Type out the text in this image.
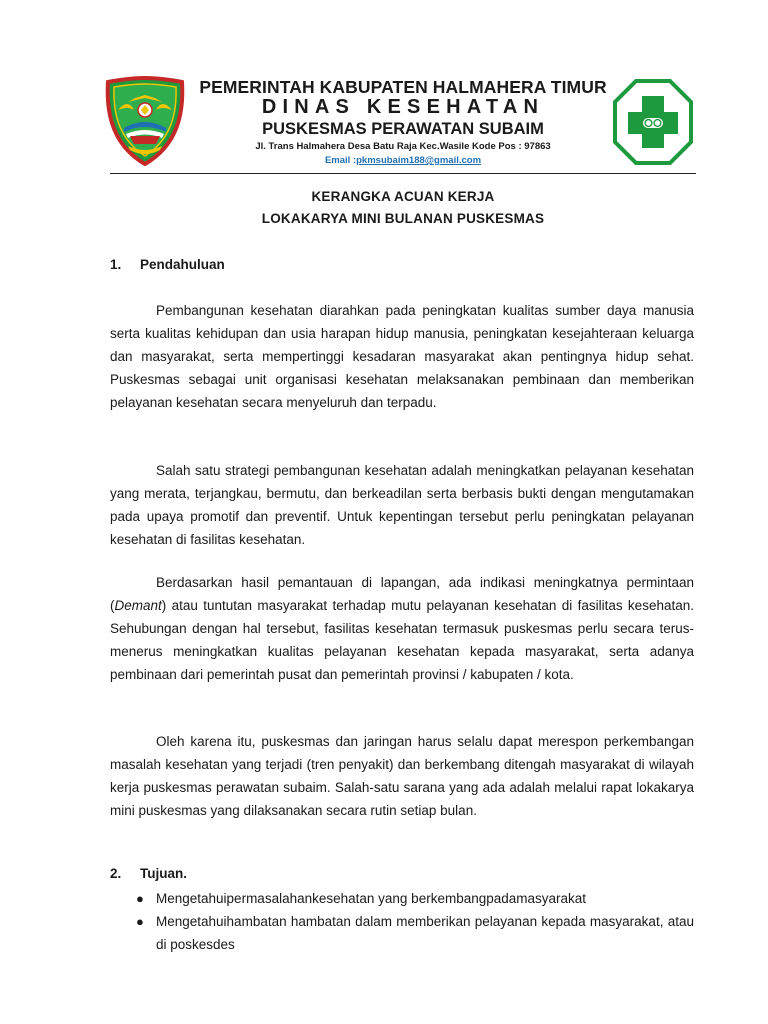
PEMERINTAH KABUPATEN HALMAHERA TIMUR
DINAS KESEHATAN
PUSKESMAS PERAWATAN SUBAIM
Jl. Trans Halmahera Desa Batu Raja Kec.Wasile Kode Pos : 97863
Email :pkmsubaim188@gmail.com
KERANGKA ACUAN KERJA
LOKAKARYA MINI BULANAN PUSKESMAS
1. Pendahuluan

Pembangunan kesehatan diarahkan pada peningkatan kualitas sumber daya manusia serta kualitas kehidupan dan usia harapan hidup manusia, peningkatan kesejahteraan keluarga dan masyarakat, serta mempertinggi kesadaran masyarakat akan pentingnya hidup sehat. Puskesmas sebagai unit organisasi kesehatan melaksanakan pembinaan dan memberikan pelayanan kesehatan secara menyeluruh dan terpadu.

Salah satu strategi pembangunan kesehatan adalah meningkatkan pelayanan kesehatan yang merata, terjangkau, bermutu, dan berkeadilan serta berbasis bukti dengan mengutamakan pada upaya promotif dan preventif. Untuk kepentingan tersebut perlu peningkatan pelayanan kesehatan di fasilitas kesehatan.

Berdasarkan hasil pemantauan di lapangan, ada indikasi meningkatnya permintaan (Demant) atau tuntutan masyarakat terhadap mutu pelayanan kesehatan di fasilitas kesehatan. Sehubungan dengan hal tersebut, fasilitas kesehatan termasuk puskesmas perlu secara terus-menerus meningkatkan kualitas pelayanan kesehatan kepada masyarakat, serta adanya pembinaan dari pemerintah pusat dan pemerintah provinsi / kabupaten / kota.

Oleh karena itu, puskesmas dan jaringan harus selalu dapat merespon perkembangan masalah kesehatan yang terjadi (tren penyakit) dan berkembang ditengah masyarakat di wilayah kerja puskesmas perawatan subaim. Salah-satu sarana yang ada adalah melalui rapat lokakarya mini puskesmas yang dilaksanakan secara rutin setiap bulan.

2. Tujuan.
● Mengetahuipermasalahankesehatan yang berkembangpadamasyarakat
● Mengetahuihambatan hambatan dalam memberikan pelayanan kepada masyarakat, atau di poskesdes
